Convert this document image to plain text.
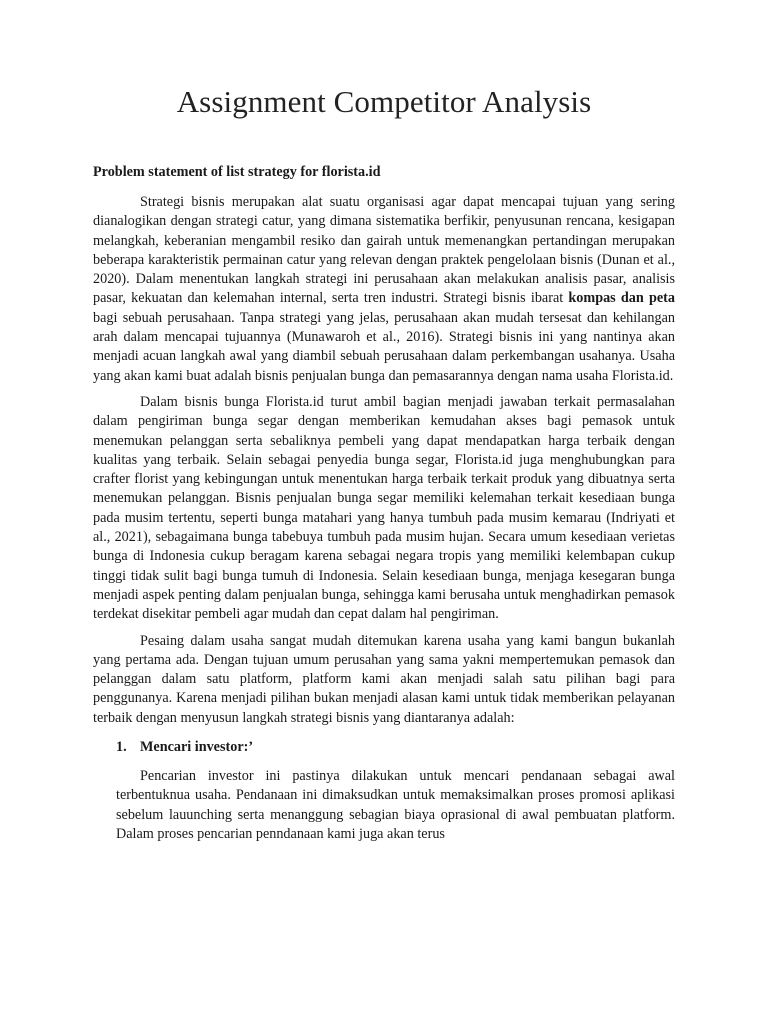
Assignment Competitor Analysis
Problem statement of list strategy for florista.id

Strategi bisnis merupakan alat suatu organisasi agar dapat mencapai tujuan yang sering dianalogikan dengan strategi catur, yang dimana sistematika berfikir, penyusunan rencana, kesigapan melangkah, keberanian mengambil resiko dan gairah untuk memenangkan pertandingan merupakan beberapa karakteristik permainan catur yang relevan dengan praktek pengelolaan bisnis (Dunan et al., 2020). Dalam menentukan langkah strategi ini perusahaan akan melakukan analisis pasar, analisis pasar, kekuatan dan kelemahan internal, serta tren industri. Strategi bisnis ibarat kompas dan peta bagi sebuah perusahaan. Tanpa strategi yang jelas, perusahaan akan mudah tersesat dan kehilangan arah dalam mencapai tujuannya (Munawaroh et al., 2016). Strategi bisnis ini yang nantinya akan menjadi acuan langkah awal yang diambil sebuah perusahaan dalam perkembangan usahanya. Usaha yang akan kami buat adalah bisnis penjualan bunga dan pemasarannya dengan nama usaha Florista.id.

Dalam bisnis bunga Florista.id turut ambil bagian menjadi jawaban terkait permasalahan dalam pengiriman bunga segar dengan memberikan kemudahan akses bagi pemasok untuk menemukan pelanggan serta sebaliknya pembeli yang dapat mendapatkan harga terbaik dengan kualitas yang terbaik. Selain sebagai penyedia bunga segar, Florista.id juga menghubungkan para crafter florist yang kebingungan untuk menentukan harga terbaik terkait produk yang dibuatnya serta menemukan pelanggan. Bisnis penjualan bunga segar memiliki kelemahan terkait kesediaan bunga pada musim tertentu, seperti bunga matahari yang hanya tumbuh pada musim kemarau (Indriyati et al., 2021), sebagaimana bunga tabebuya tumbuh pada musim hujan. Secara umum kesediaan verietas bunga di Indonesia cukup beragam karena sebagai negara tropis yang memiliki kelembapan cukup tinggi tidak sulit bagi bunga tumuh di Indonesia. Selain kesediaan bunga, menjaga kesegaran bunga menjadi aspek penting dalam penjualan bunga, sehingga kami berusaha untuk menghadirkan pemasok terdekat disekitar pembeli agar mudah dan cepat dalam hal pengiriman.

Pesaing dalam usaha sangat mudah ditemukan karena usaha yang kami bangun bukanlah yang pertama ada. Dengan tujuan umum perusahan yang sama yakni mempertemukan pemasok dan pelanggan dalam satu platform, platform kami akan menjadi salah satu pilihan bagi para penggunanya. Karena menjadi pilihan bukan menjadi alasan kami untuk tidak memberikan pelayanan terbaik dengan menyusun langkah strategi bisnis yang diantaranya adalah:

1. Mencari investor:’

Pencarian investor ini pastinya dilakukan untuk mencari pendanaan sebagai awal terbentuknua usaha. Pendanaan ini dimaksudkan untuk memaksimalkan proses promosi aplikasi sebelum lauunching serta menanggung sebagian biaya oprasional di awal pembuatan platform. Dalam proses pencarian penndanaan kami juga akan terus
